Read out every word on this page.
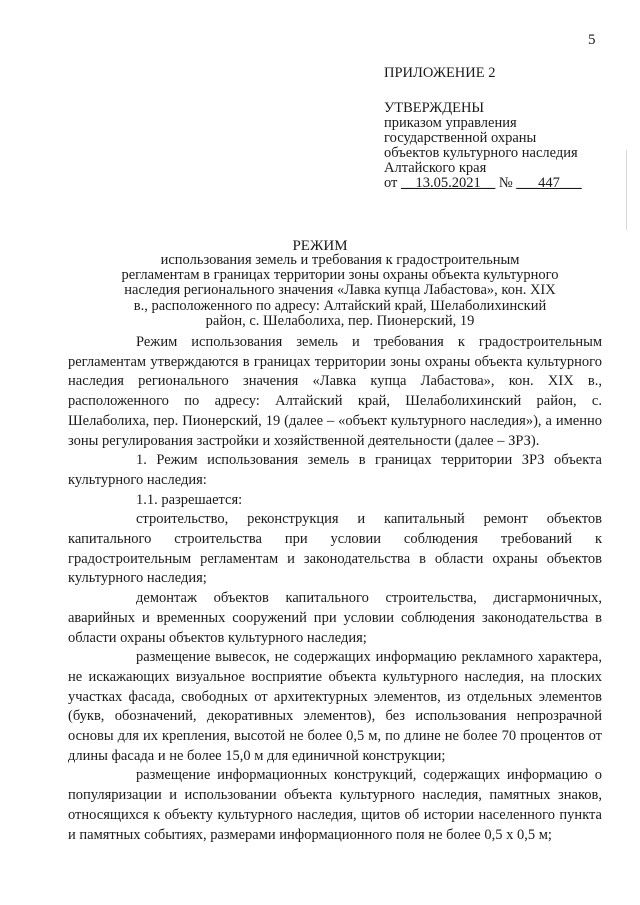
5
ПРИЛОЖЕНИЕ 2
УТВЕРЖДЕНЫ
приказом управления
государственной охраны
объектов культурного наследия
Алтайского края
от __13.05.2021__ № ___447___
РЕЖИМ
использования земель и требования к градостроительным регламентам в границах территории зоны охраны объекта культурного наследия регионального значения «Лавка купца Лабастова», кон. XIX в., расположенного по адресу: Алтайский край, Шелаболихинский район, с. Шелаболиха, пер. Пионерский, 19

Режим использования земель и требования к градостроительным регламентам утверждаются в границах территории зоны охраны объекта культурного наследия регионального значения «Лавка купца Лабастова», кон. XIX в., расположенного по адресу: Алтайский край, Шелаболихинский район, с. Шелаболиха, пер. Пионерский, 19 (далее – «объект культурного наследия»), а именно зоны регулирования застройки и хозяйственной деятельности (далее – ЗРЗ).

1. Режим использования земель в границах территории ЗРЗ объекта культурного наследия:

1.1. разрешается:

строительство, реконструкция и капитальный ремонт объектов капитального строительства при условии соблюдения требований к градостроительным регламентам и законодательства в области охраны объектов культурного наследия;

демонтаж объектов капитального строительства, дисгармоничных, аварийных и временных сооружений при условии соблюдения законодательства в области охраны объектов культурного наследия;

размещение вывесок, не содержащих информацию рекламного характера, не искажающих визуальное восприятие объекта культурного наследия, на плоских участках фасада, свободных от архитектурных элементов, из отдельных элементов (букв, обозначений, декоративных элементов), без использования непрозрачной основы для их крепления, высотой не более 0,5 м, по длине не более 70 процентов от длины фасада и не более 15,0 м для единичной конструкции;

размещение информационных конструкций, содержащих информацию о популяризации и использовании объекта культурного наследия, памятных знаков, относящихся к объекту культурного наследия, щитов об истории населенного пункта и памятных событиях, размерами информационного поля не более 0,5 х 0,5 м;
